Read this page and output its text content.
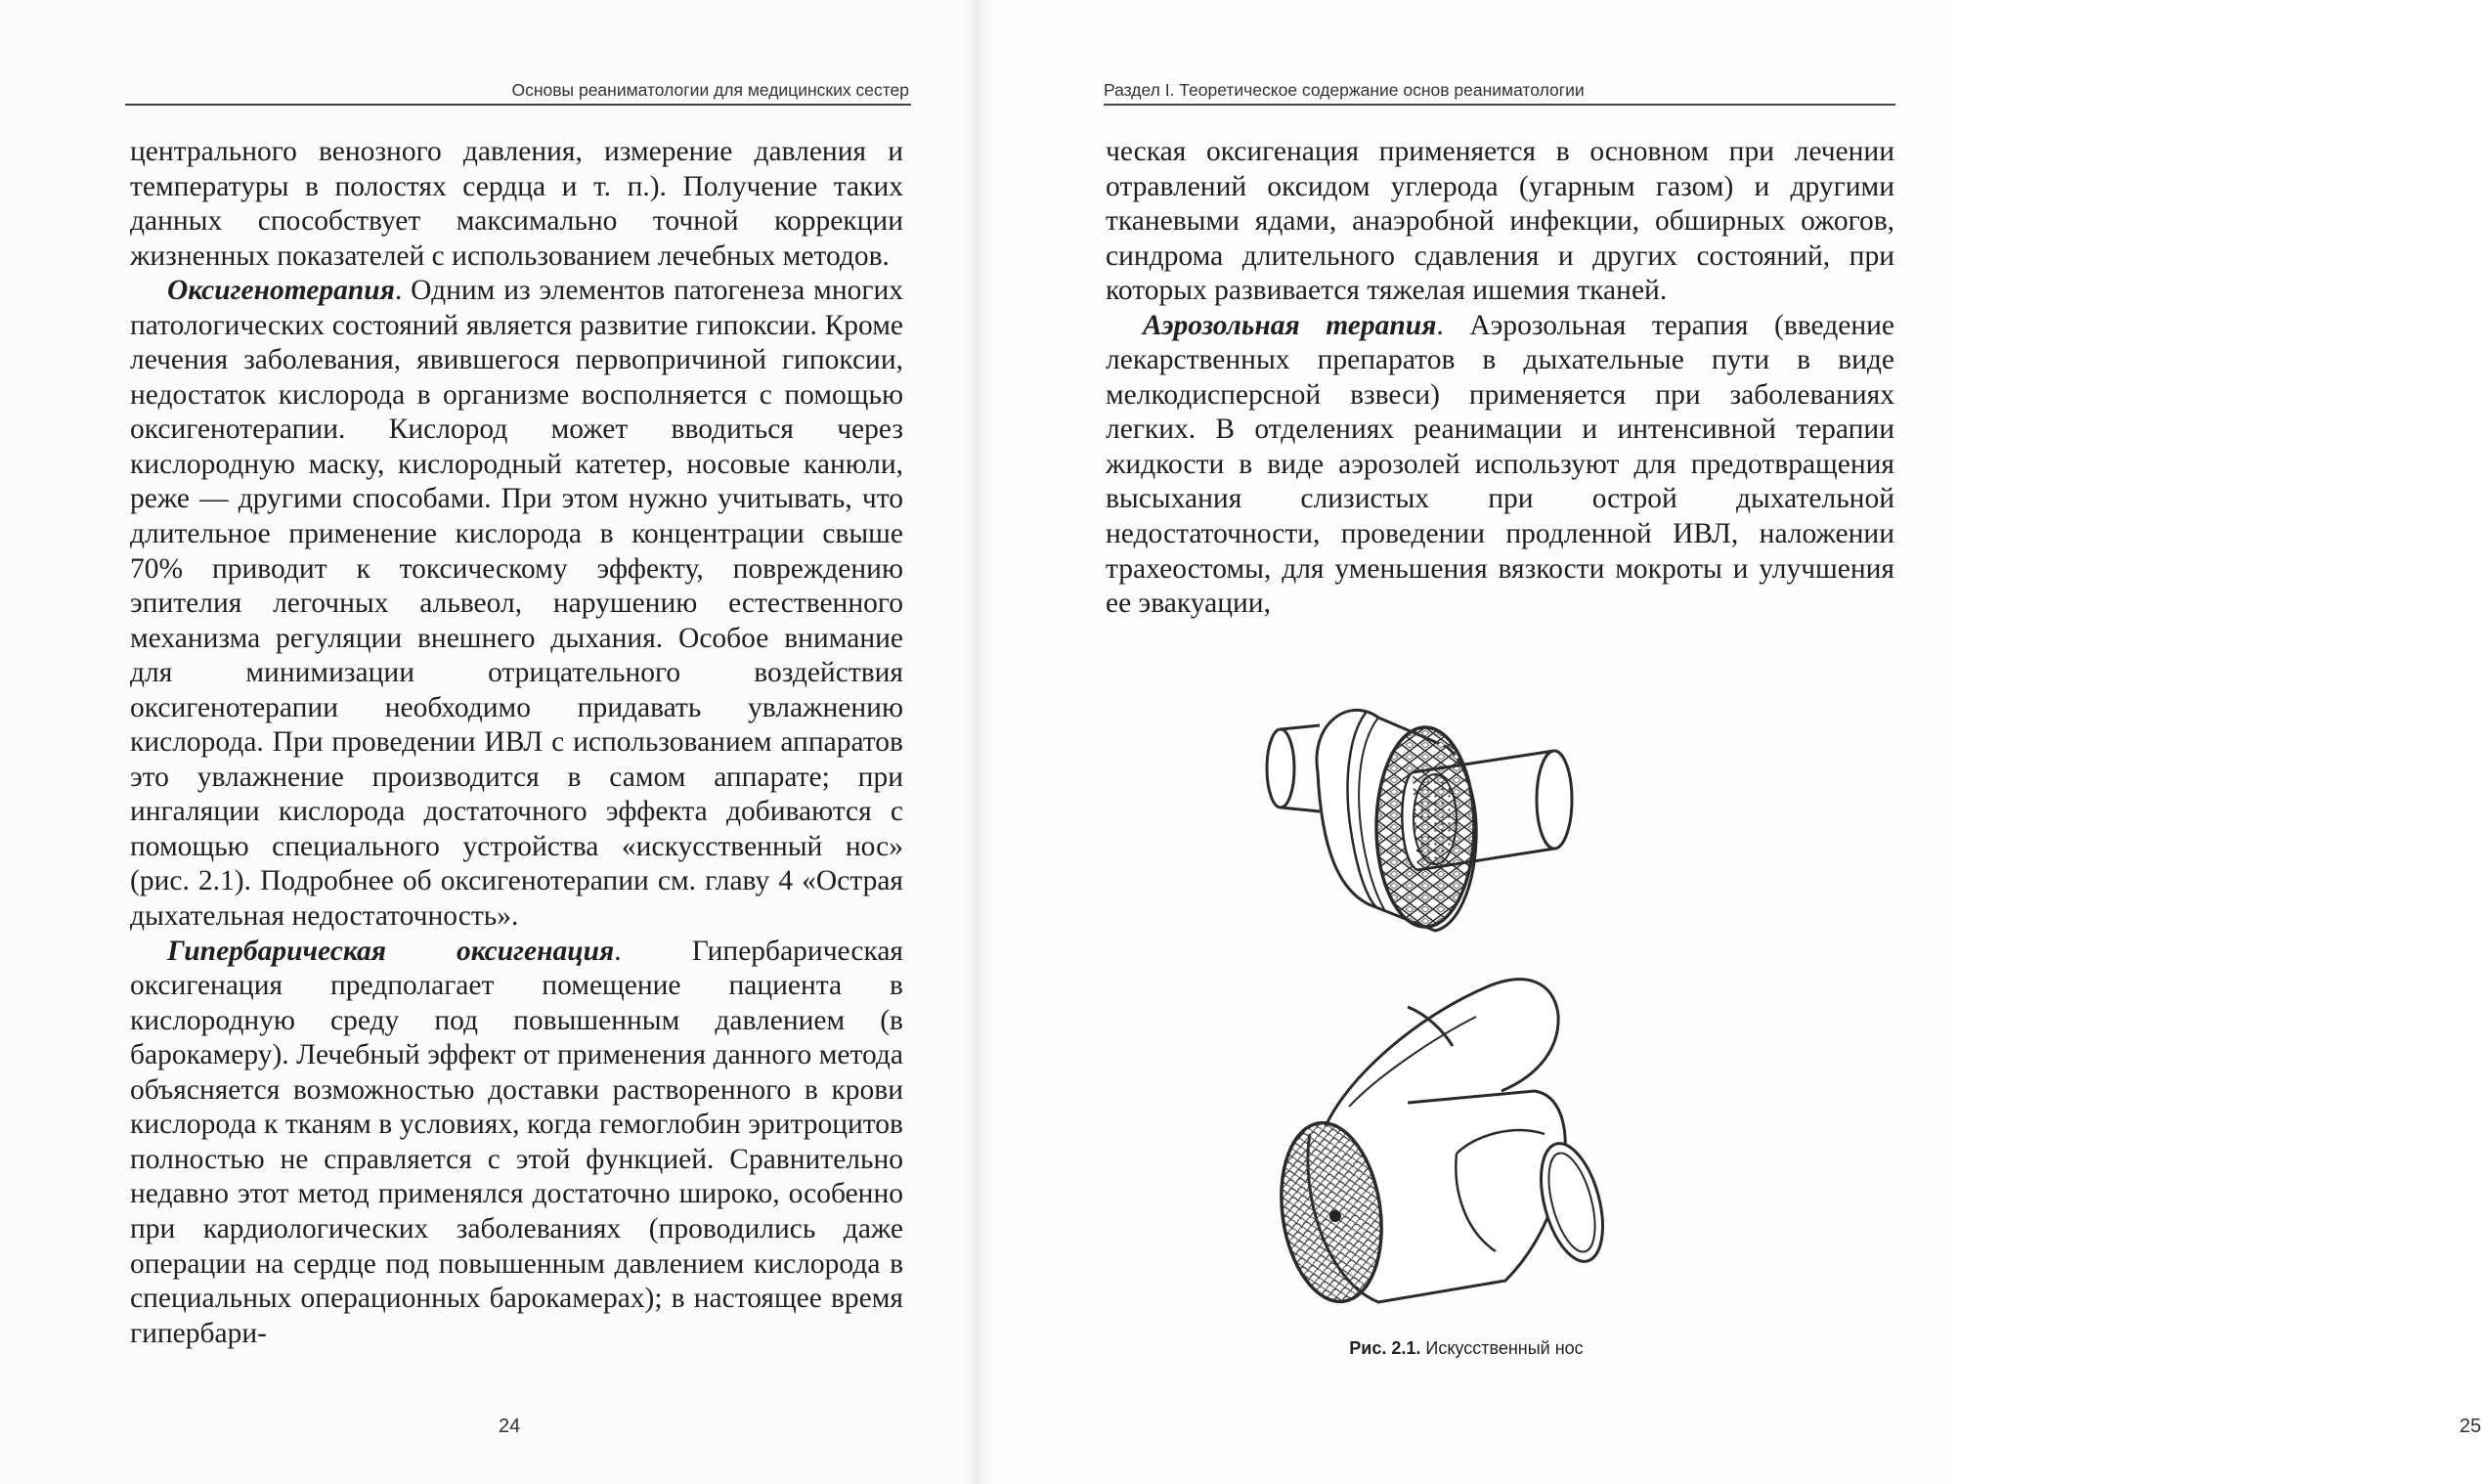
Основы реаниматологии для медицинских сестер

центрального венозного давления, измерение давления и температуры в полостях сердца и т. п.). Получение таких данных способствует максимально точной коррекции жизненных показателей с использованием лечебных методов.

Оксигенотерапия. Одним из элементов патогенеза многих патологических состояний является развитие гипоксии. Кроме лечения заболевания, явившегося первопричиной гипоксии, недостаток кислорода в организме восполняется с помощью оксигенотерапии. Кислород может вводиться через кислородную маску, кислородный катетер, носовые канюли, реже — другими способами. При этом нужно учитывать, что длительное применение кислорода в концентрации свыше 70% приводит к токсическому эффекту, повреждению эпителия легочных альвеол, нарушению естественного механизма регуляции внешнего дыхания. Особое внимание для минимизации отрицательного воздействия оксигенотерапии необходимо придавать увлажнению кислорода. При проведении ИВЛ с использованием аппаратов это увлажнение производится в самом аппарате; при ингаляции кислорода достаточного эффекта добиваются с помощью специального устройства «искусственный нос» (рис. 2.1). Подробнее об оксигенотерапии см. главу 4 «Острая дыхательная недостаточность».

Гипербарическая оксигенация. Гипербарическая оксигенация предполагает помещение пациента в кислородную среду под повышенным давлением (в барокамеру). Лечебный эффект от применения данного метода объясняется возможностью доставки растворенного в крови кислорода к тканям в условиях, когда гемоглобин эритроцитов полностью не справляется с этой функцией. Сравнительно недавно этот метод применялся достаточно широко, особенно при кардиологических заболеваниях (проводились даже операции на сердце под повышенным давлением кислорода в специальных операционных барокамерах); в настоящее время гипербари-

24
Раздел I. Теоретическое содержание основ реаниматологии

ческая оксигенация применяется в основном при лечении отравлений оксидом углерода (угарным газом) и другими тканевыми ядами, анаэробной инфекции, обширных ожогов, синдрома длительного сдавления и других состояний, при которых развивается тяжелая ишемия тканей.

Аэрозольная терапия. Аэрозольная терапия (введение лекарственных препаратов в дыхательные пути в виде мелкодисперсной взвеси) применяется при заболеваниях легких. В отделениях реанимации и интенсивной терапии жидкости в виде аэрозолей используют для предотвращения высыхания слизистых при острой дыхательной недостаточности, проведении продленной ИВЛ, наложении трахеостомы, для уменьшения вязкости мокроты и улучшения ее эвакуации,

25
Рис. 2.1. Искусственный нос
